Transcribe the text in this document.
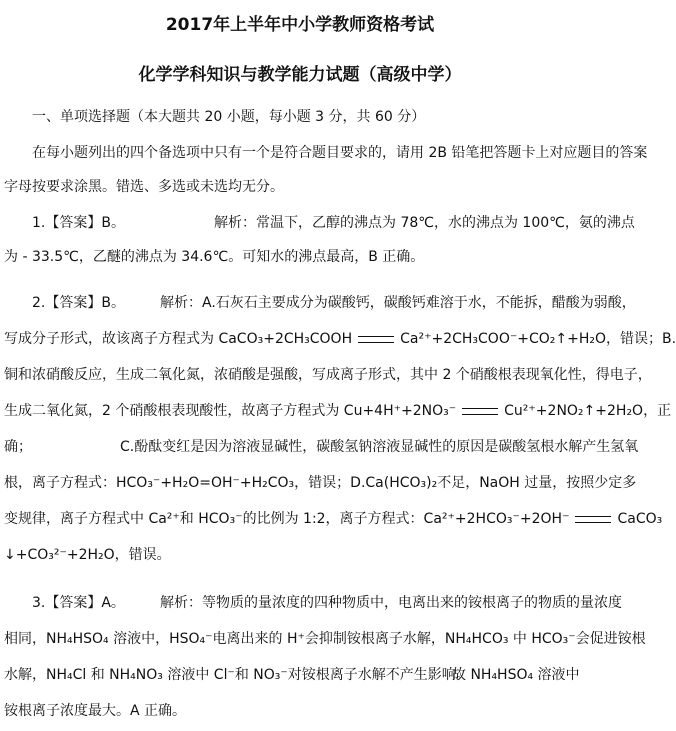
2017年上半年中小学教师资格考试
化学学科知识与教学能力试题（高级中学）
一、单项选择题（本大题共 20 小题，每小题 3 分，共 60 分）
在每小题列出的四个备选项中只有一个是符合题目要求的，请用 2B 铅笔把答题卡上对应题目的答案
字母按要求涂黑。错选、多选或未选均无分。
1.【答案】B。	解析：常温下，乙醇的沸点为 78℃，水的沸点为 100℃，氨的沸点
为 - 33.5℃，乙醚的沸点为 34.6℃。可知水的沸点最高，B 正确。
2.【答案】B。	解析：A.石灰石主要成分为碳酸钙，碳酸钙难溶于水，不能拆，醋酸为弱酸，
写成分子形式，故该离子方程式为 CaCO₃+2CH₃COOH	Ca²⁺+2CH₃COO⁻+CO₂↑+H₂O，错误；B.
铜和浓硝酸反应，生成二氧化氮，浓硝酸是强酸，写成离子形式，其中 2 个硝酸根表现氧化性，得电子，
生成二氧化氮，2 个硝酸根表现酸性，故离子方程式为 Cu+4H⁺+2NO₃⁻	Cu²⁺+2NO₂↑+2H₂O，正
确；	C.酚酞变红是因为溶液显碱性，碳酸氢钠溶液显碱性的原因是碳酸氢根水解产生氢氧
根，离子方程式：HCO₃⁻+H₂O=OH⁻+H₂CO₃，错误；D.Ca(HCO₃)₂不足，NaOH 过量，按照少定多
变规律，离子方程式中 Ca²⁺和 HCO₃⁻的比例为 1:2，离子方程式：Ca²⁺+2HCO₃⁻+2OH⁻	CaCO₃
↓+CO₃²⁻+2H₂O，错误。
3.【答案】A。	解析：等物质的量浓度的四种物质中，电离出来的铵根离子的物质的量浓度
相同，NH₄HSO₄ 溶液中，HSO₄⁻电离出来的 H⁺会抑制铵根离子水解，NH₄HCO₃ 中 HCO₃⁻会促进铵根
水解，NH₄Cl 和 NH₄NO₃ 溶液中 Cl⁻和 NO₃⁻对铵根离子水解不产生影响。
故 NH₄HSO₄ 溶液中
铵根离子浓度最大。A 正确。
